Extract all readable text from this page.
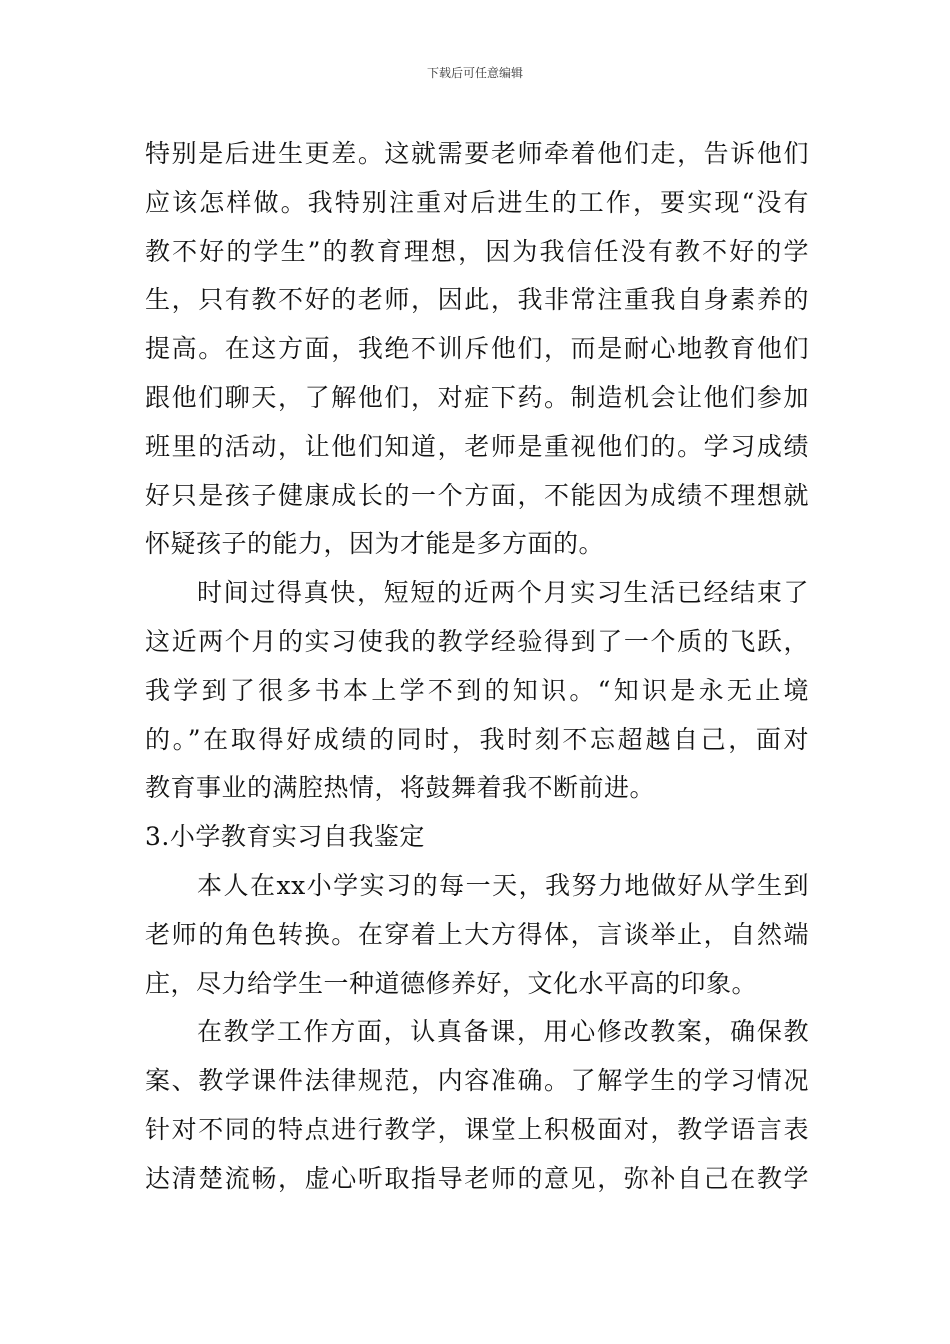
下载后可任意编辑
特别是后进生更差。这就需要老师牵着他们走，告诉他们
应该怎样做。我特别注重对后进生的工作，要实现“没有
教不好的学生”的教育理想，因为我信任没有教不好的学
生，只有教不好的老师，因此，我非常注重我自身素养的
提高。在这方面，我绝不训斥他们，而是耐心地教育他们
跟他们聊天，了解他们，对症下药。制造机会让他们参加
班里的活动，让他们知道，老师是重视他们的。学习成绩
好只是孩子健康成长的一个方面，不能因为成绩不理想就
怀疑孩子的能力，因为才能是多方面的。
时间过得真快，短短的近两个月实习生活已经结束了
这近两个月的实习使我的教学经验得到了一个质的飞跃，
我学到了很多书本上学不到的知识。“知识是永无止境
的。”在取得好成绩的同时，我时刻不忘超越自己，面对
教育事业的满腔热情，将鼓舞着我不断前进。
3.小学教育实习自我鉴定
本人在xx小学实习的每一天，我努力地做好从学生到
老师的角色转换。在穿着上大方得体，言谈举止，自然端
庄，尽力给学生一种道德修养好，文化水平高的印象。
在教学工作方面，认真备课，用心修改教案，确保教
案、教学课件法律规范，内容准确。了解学生的学习情况
针对不同的特点进行教学，课堂上积极面对，教学语言表
达清楚流畅，虚心听取指导老师的意见，弥补自己在教学
